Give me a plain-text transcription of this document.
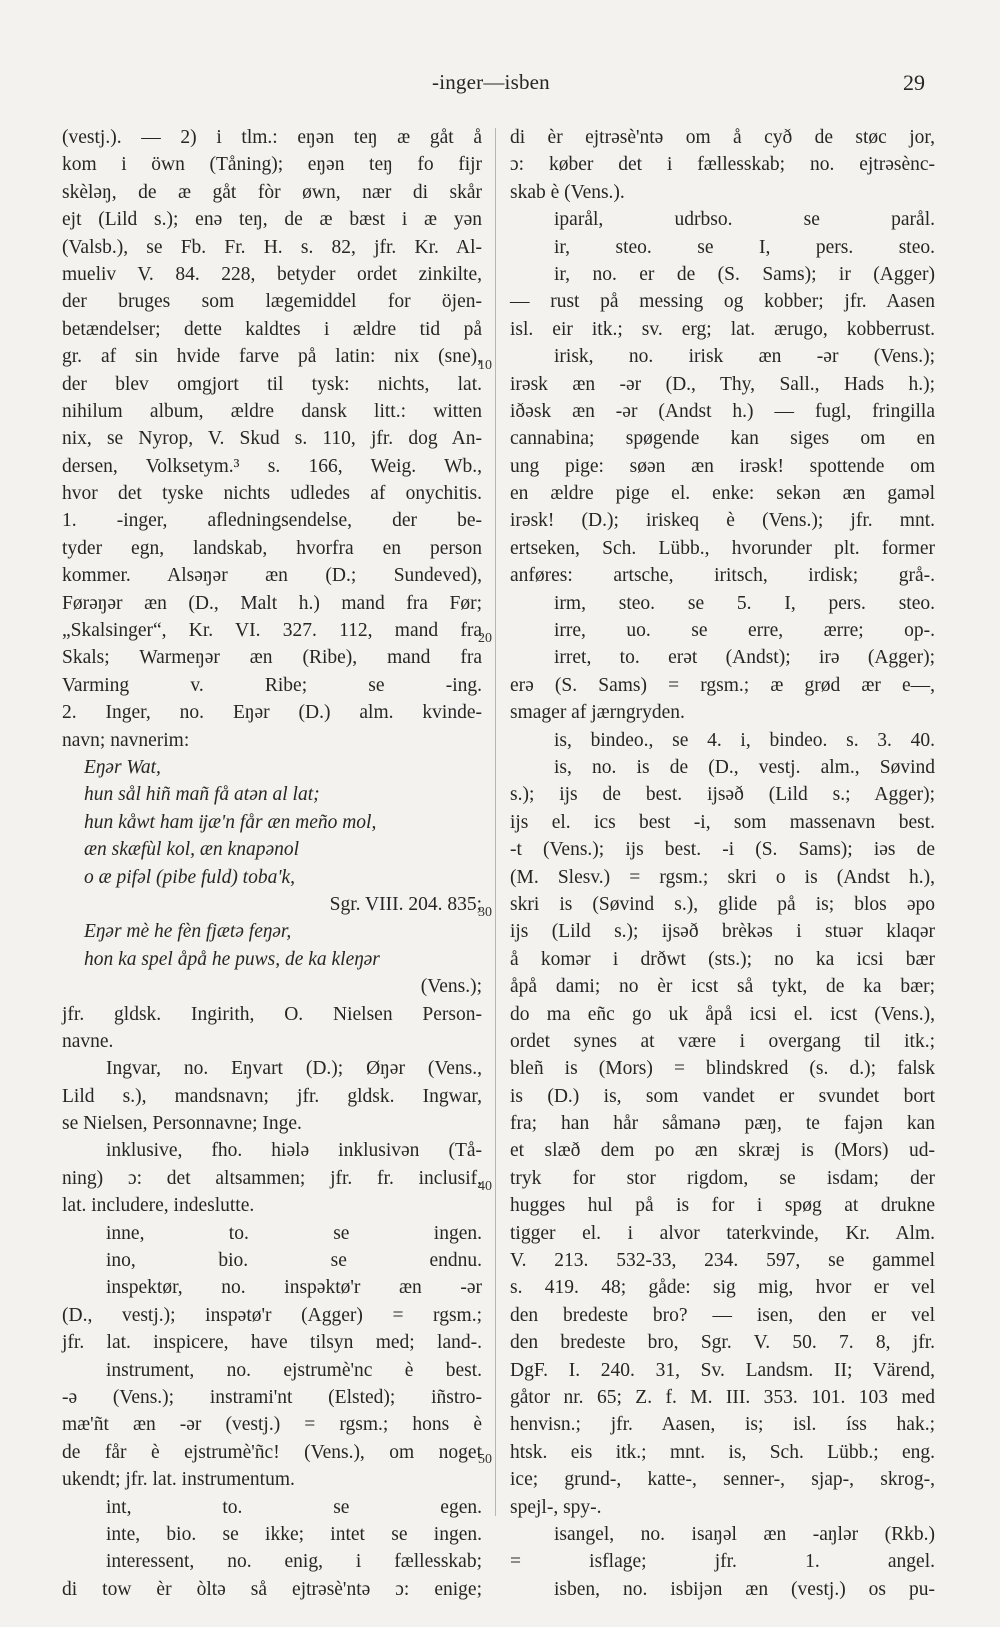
-inger—isben	29
(vestj.). — 2) i tlm.: eŋən teŋ æ gåt å
kom i öwn (Tåning); eŋən teŋ fo fĳr
skèləŋ, de æ gåt fòr øwn, nær di skår
ejt (Lild s.); enə teŋ, de æ bæst i æ yən
(Valsb.), se Fb. Fr. H. s. 82, jfr. Kr. Al-
mueliv V. 84. 228, betyder ordet zinkilte,
der bruges som lægemiddel for öjen-
betændelser; dette kaldtes i ældre tid på
gr. af sin hvide farve på latin: nix (sne),
der blev omgjort til tysk: nichts, lat.
nihilum album, ældre dansk litt.: witten
nix, se Nyrop, V. Skud s. 110, jfr. dog An-
dersen, Volksetym.³ s. 166, Weig. Wb.,
hvor det tyske nichts udledes af onychitis.
1. -inger, afledningsendelse, der be-
tyder egn, landskab, hvorfra en person
kommer. Alsəŋər æn (D.; Sundeved),
Førəŋər æn (D., Malt h.) mand fra Før;
„Skalsinger“, Kr. VI. 327. 112, mand fra
Skals; Warmeŋər æn (Ribe), mand fra
Varming v. Ribe; se -ing.
2. Inger, no. Eŋər (D.) alm. kvinde-
navn; navnerim:
Eŋər Wat,
hun sål hiñ mañ få atən al lat;
hun kåwt ham ĳæ'n får æn meño mol,
æn skæfùl kol, æn knapənol
o æ pifəl (pibe fuld) toba'k,
Sgr. VIII. 204. 835;
Eŋər mè he fèn fjætə feŋər,
hon ka spel åpå he puws, de ka kleŋər
(Vens.);
jfr. gldsk. Ingirith, O. Nielsen Person-
navne.
Ingvar, no. Eŋvart (D.); Øŋər (Vens.,
Lild s.), mandsnavn; jfr. gldsk. Ingwar,
se Nielsen, Personnavne; Inge.
inklusive, fho. hiələ inklusivən (Tå-
ning) ɔ: det altsammen; jfr. fr. inclusif,
lat. includere, indeslutte.
inne, to. se ingen.
ino, bio. se endnu.
inspektør, no. inspəktø'r æn -ər
(D., vestj.); inspətø'r (Agger) = rgsm.;
jfr. lat. inspicere, have tilsyn med; land-.
instrument, no. ejstrumè'nc è best.
-ə (Vens.); instrami'nt (Elsted); iñstro-
mæ'ñt æn -ər (vestj.) = rgsm.; hons è
de får è ejstrumè'ñc! (Vens.), om noget
ukendt; jfr. lat. instrumentum.
int, to. se egen.
inte, bio. se ikke; intet se ingen.
interessent, no. enig, i fællesskab;
di tow èr òltə så ejtrəsè'ntə ɔ: enige;
di èr ejtrəsè'ntə om å cyð de støc jor,
ɔ: køber det i fællesskab; no. ejtrəsènc-
skab è (Vens.).
iparål, udrbso. se parål.
ir, steo. se I, pers. steo.
ir, no. er de (S. Sams); ir (Agger)
— rust på messing og kobber; jfr. Aasen
isl. eir itk.; sv. erg; lat. ærugo, kobberrust.
irisk, no. irisk æn -ər (Vens.);
irəsk æn -ər (D., Thy, Sall., Hads h.);
iðəsk æn -ər (Andst h.) — fugl, fringilla
cannabina; spøgende kan siges om en
ung pige: søən æn irəsk! spottende om
en ældre pige el. enke: sekən æn gaməl
irəsk! (D.); iriskeq è (Vens.); jfr. mnt.
ertseken, Sch. Lübb., hvorunder plt. former
anføres: artsche, iritsch, irdisk; grå-.
irm, steo. se 5. I, pers. steo.
irre, uo. se erre, ærre; op-.
irret, to. erət (Andst); irə (Agger);
erə (S. Sams) = rgsm.; æ grød ær e—,
smager af jærngryden.
is, bindeo., se 4. i, bindeo. s. 3. 40.
is, no. is de (D., vestj. alm., Søvind
s.); ĳs de best. ĳsəð (Lild s.; Agger);
ĳs el. ics best -i, som massenavn best.
-t (Vens.); ĳs best. -i (S. Sams); iəs de
(M. Slesv.) = rgsm.; skri o is (Andst h.),
skri is (Søvind s.), glide på is; blos əpo
ĳs (Lild s.); ĳsəð brèkəs i stuər klaqər
å komər i drðwt (sts.); no ka icsi bær
åpå dami; no èr icst så tykt, de ka bær;
do ma eñc go uk åpå icsi el. icst (Vens.),
ordet synes at være i overgang til itk.;
bleñ is (Mors) = blindskred (s. d.); falsk
is (D.) is, som vandet er svundet bort
fra; han hår såmanə pæŋ, te fajən kan
et slæð dem po æn skræj is (Mors) ud-
tryk for stor rigdom, se isdam; der
hugges hul på is for i spøg at drukne
tigger el. i alvor taterkvinde, Kr. Alm.
V. 213. 532-33, 234. 597, se gammel
s. 419. 48; gåde: sig mig, hvor er vel
den bredeste bro? — isen, den er vel
den bredeste bro, Sgr. V. 50. 7. 8, jfr.
DgF. I. 240. 31, Sv. Landsm. II; Värend,
gåtor nr. 65; Z. f. M. III. 353. 101. 103 med
henvisn.; jfr. Aasen, is; isl. íss hak.;
htsk. eis itk.; mnt. is, Sch. Lübb.; eng.
ice; grund-, katte-, senner-, sjap-, skrog-,
spejl-, spy-.
isangel, no. isaŋəl æn -aŋlər (Rkb.)
= isflage; jfr. 1. angel.
isben, no. isbiјən æn (vestj.) os pu-
10
20
30
40
50
